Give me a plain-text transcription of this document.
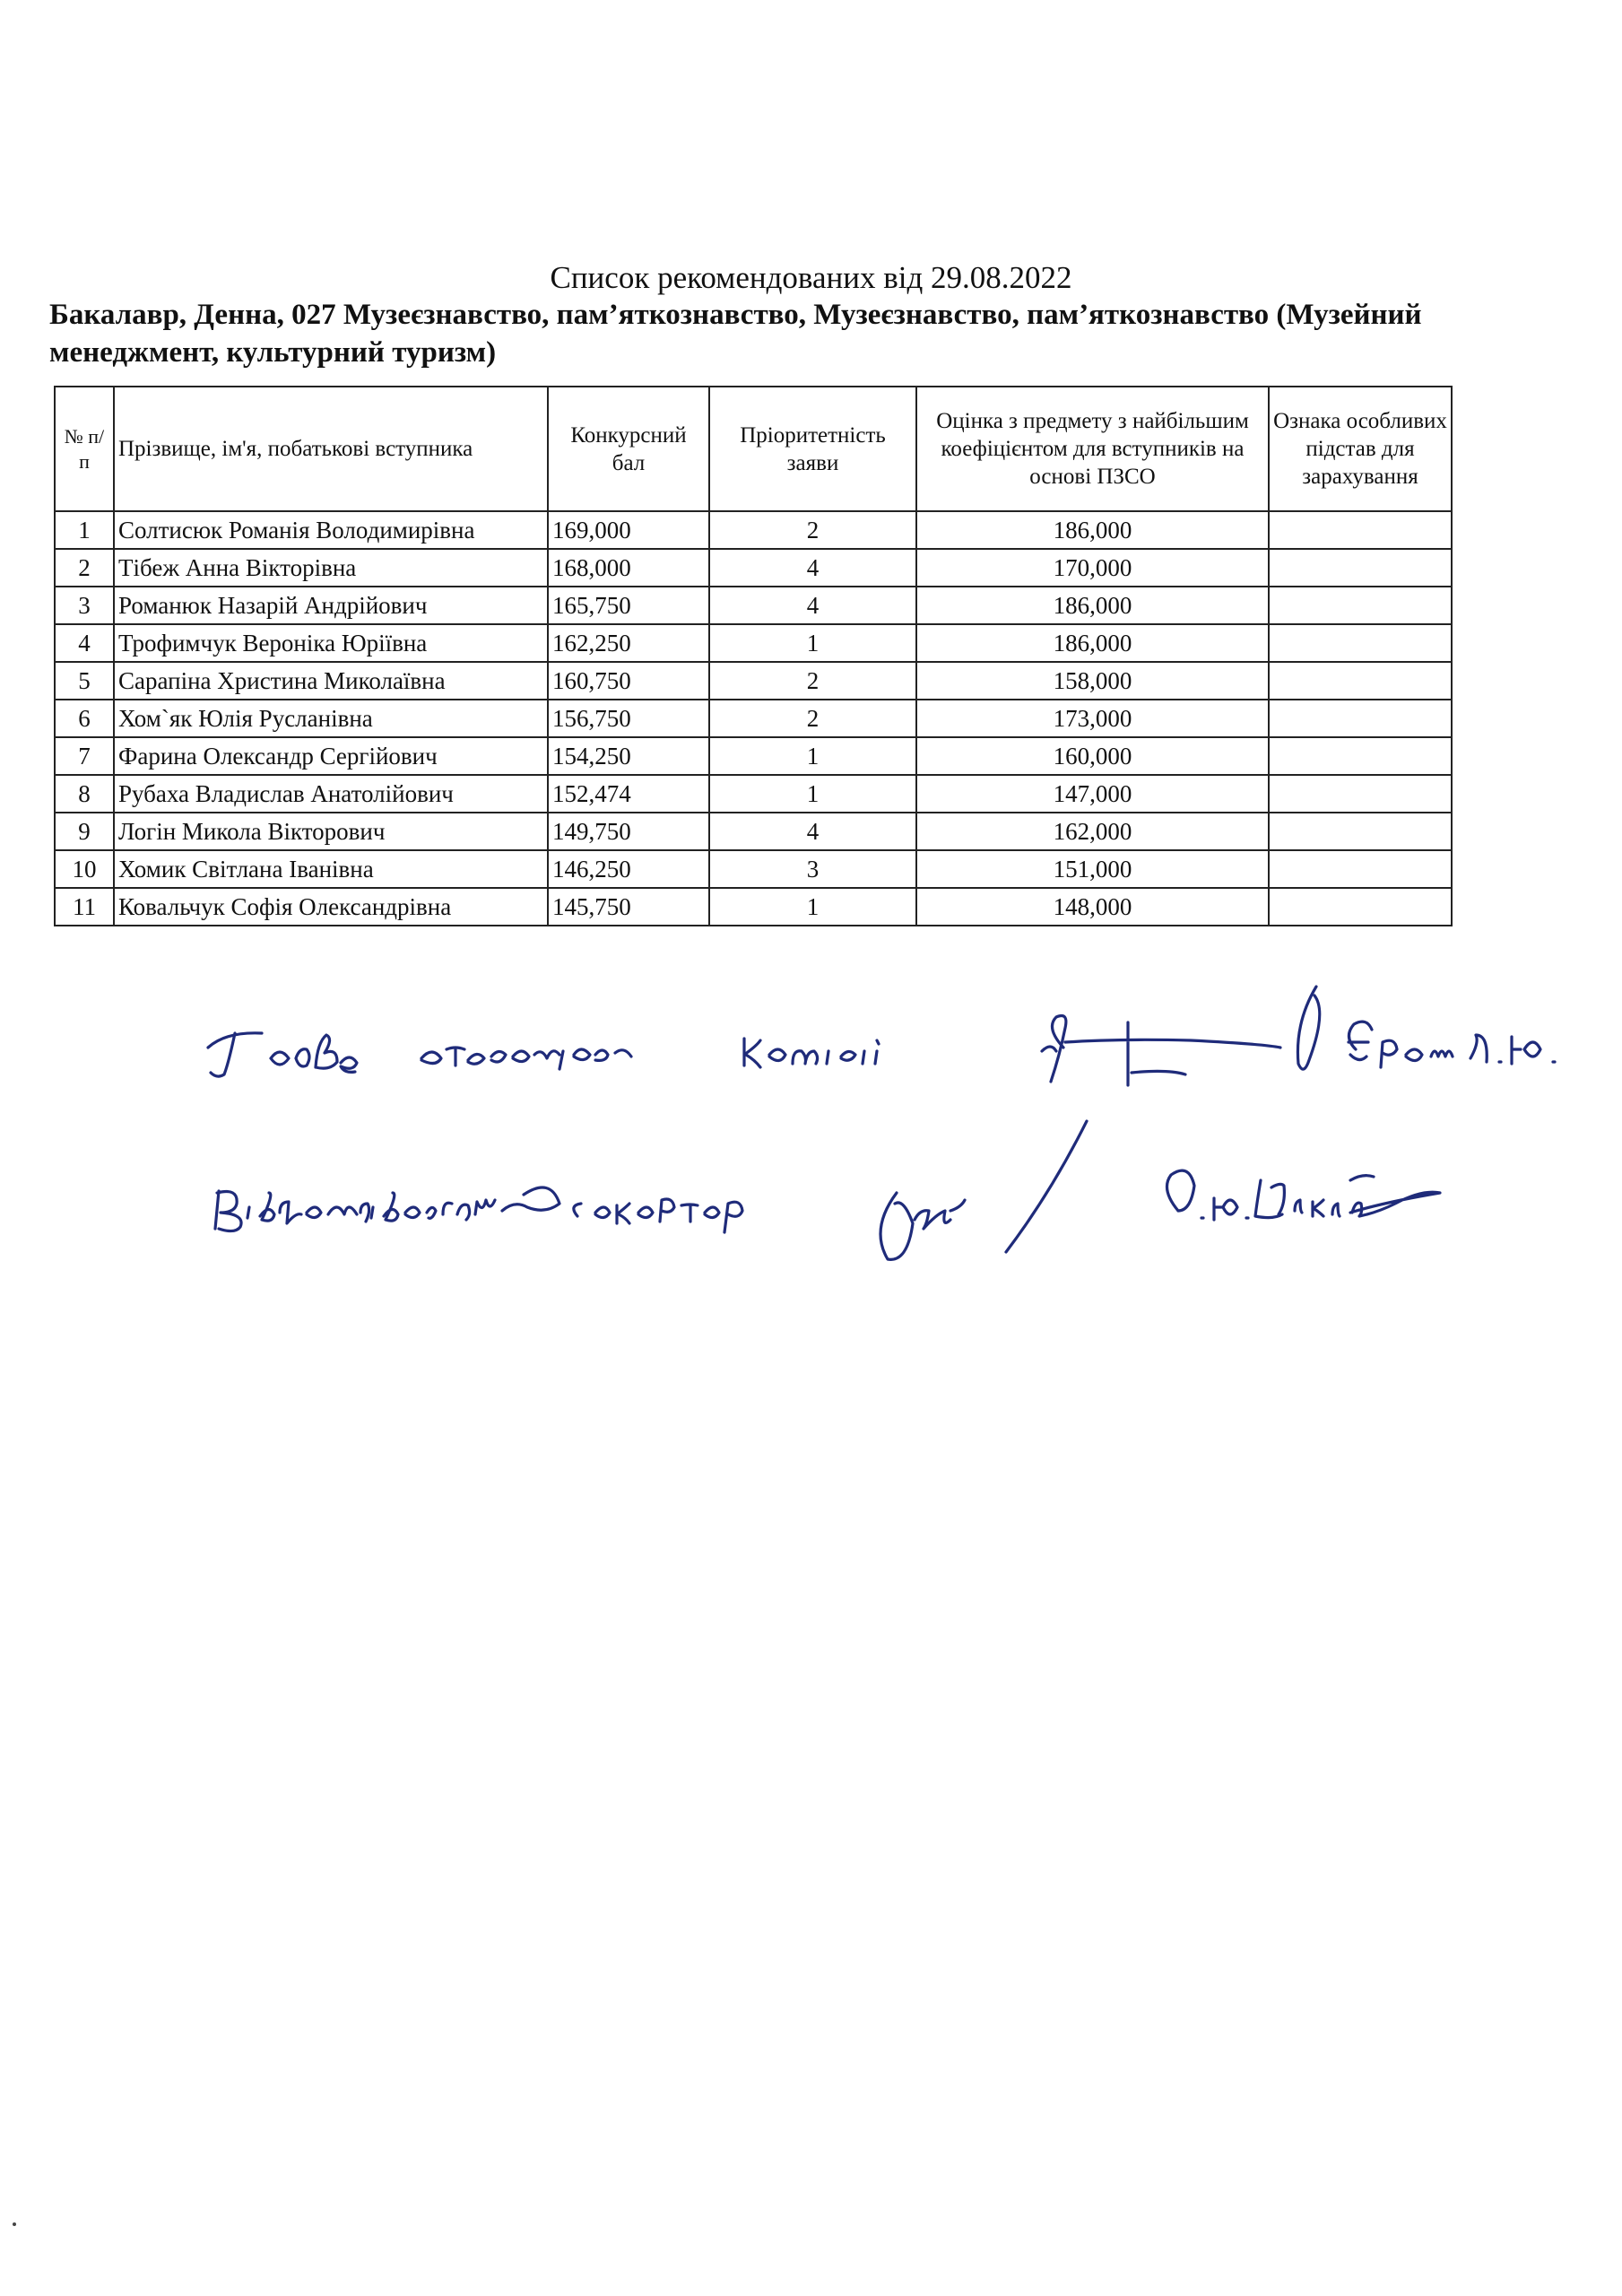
Список рекомендованих від 29.08.2022
Бакалавр, Денна, 027 Музеєзнавство, пам’яткознавство, Музеєзнавство, пам’яткознавство (Музейний менеджмент, культурний туризм)
№ п/п	Прізвище, ім'я, побатькові вступника	Конкурсний бал	Пріоритетність заяви	Оцінка з предмету з найбільшим коефіцієнтом для вступників на основі ПЗСО	Ознака особливих підстав для зарахування
1	Солтисюк Романія Володимирівна	169,000	2	186,000	
2	Тібеж Анна Вікторівна	168,000	4	170,000	
3	Романюк Назарій Андрійович	165,750	4	186,000	
4	Трофимчук Вероніка Юріївна	162,250	1	186,000	
5	Сарапіна Христина Миколаївна	160,750	2	158,000	
6	Хом`як Юлія Русланівна	156,750	2	173,000	
7	Фарина Олександр Сергійович	154,250	1	160,000	
8	Рубаха Владислав Анатолійович	152,474	1	147,000	
9	Логін Микола Вікторович	149,750	4	162,000	
10	Хомик Світлана Іванівна	146,250	3	151,000	
11	Ковальчук Софія Олександрівна	145,750	1	148,000	
